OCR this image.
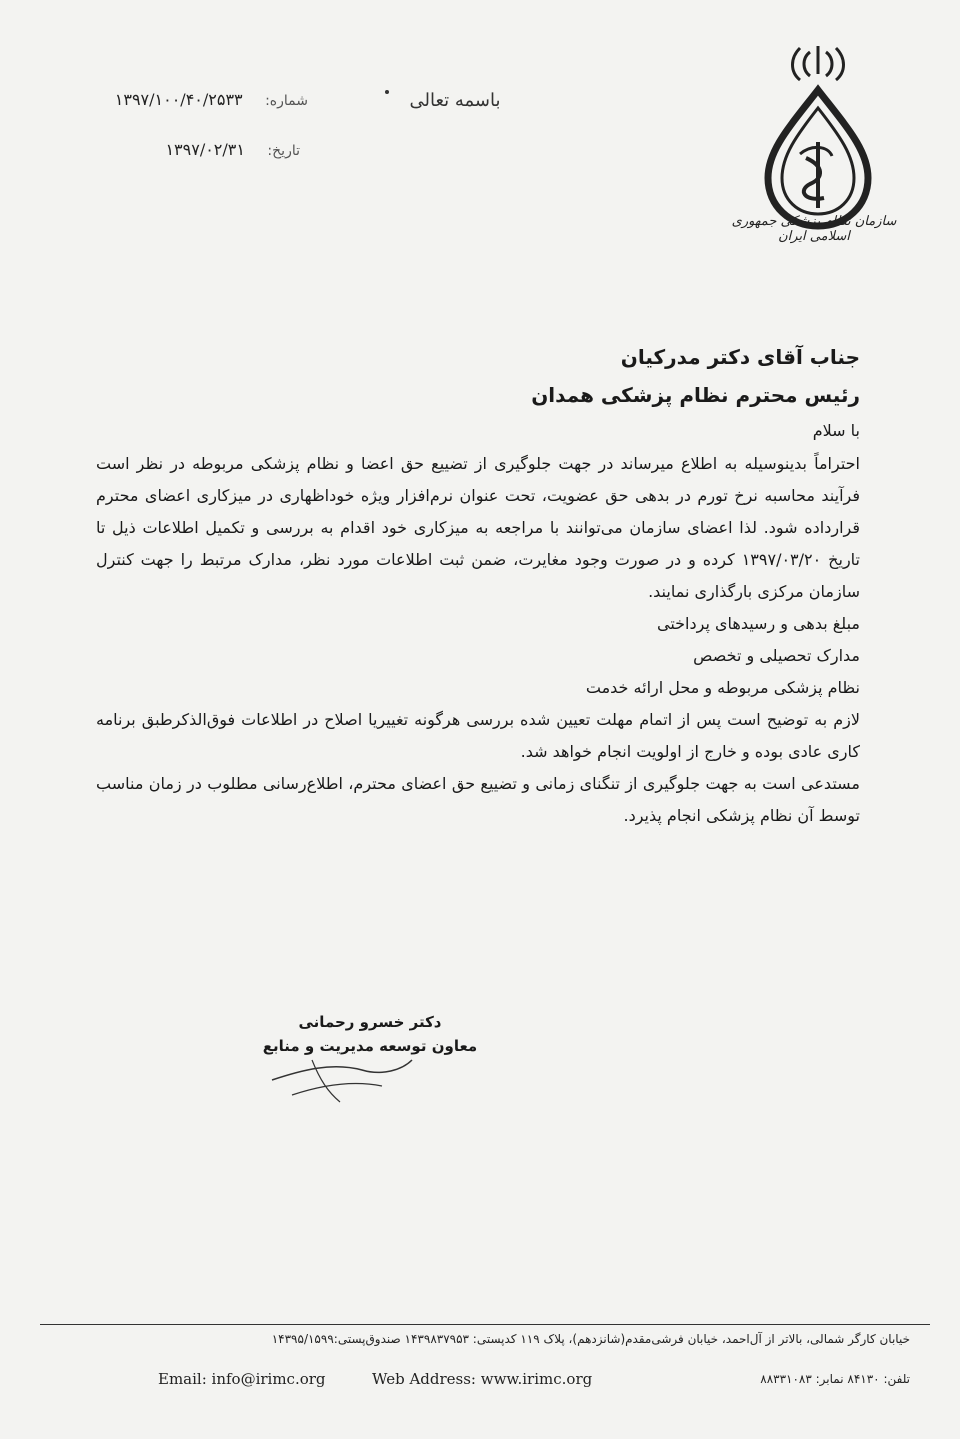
سازمان نظام پزشکی جمهوری اسلامی ایران
باسمه تعالی
شماره: ۱۳۹۷/۱۰۰/۴۰/۲۵۳۳
تاریخ: ۱۳۹۷/۰۲/۳۱

جناب آقای دکتر مدرکیان

رئیس محترم نظام پزشکی همدان

با سلام

احتراماً بدینوسیله به اطلاع میرساند در جهت جلوگیری از تضییع حق اعضا و نظام پزشکی مربوطه در نظر است فرآیند محاسبه نرخ تورم در بدهی حق عضویت، تحت عنوان نرم‌افزار ویژه خوداظهاری در میزکاری اعضای محترم قرارداده شود. لذا اعضای سازمان می‌توانند با مراجعه به میزکاری خود اقدام به بررسی و تکمیل اطلاعات ذیل تا تاریخ ۱۳۹۷/۰۳/۲۰ کرده و در صورت وجود مغایرت، ضمن ثبت اطلاعات مورد نظر، مدارک مرتبط را جهت کنترل سازمان مرکزی بارگذاری نمایند.

مبلغ بدهی و رسیدهای پرداختی

مدارک تحصیلی و تخصص

نظام پزشکی مربوطه و محل ارائه خدمت

لازم به توضیح است پس از اتمام مهلت تعیین شده بررسی هرگونه تغییریا اصلاح در اطلاعات فوق‌الذکرطبق برنامه کاری عادی بوده و خارج از اولویت انجام خواهد شد.

مستدعی است به جهت جلوگیری از تنگنای زمانی و تضییع حق اعضای محترم، اطلاع‌رسانی مطلوب در زمان مناسب توسط آن نظام پزشکی انجام پذیرد.

دکتر خسرو رحمانی

معاون توسعه مدیریت و منابع

خیابان کارگر شمالی، بالاتر از آل‌احمد، خیابان فرشی‌مقدم(شانزدهم)، پلاک ۱۱۹ کدپستی: ۱۴۳۹۸۳۷۹۵۳ صندوق‌پستی:۱۴۳۹۵/۱۵۹۹
Email: info@irimc.org	Web Address: www.irimc.org	تلفن: ۸۴۱۳۰ نمابر: ۸۸۳۳۱۰۸۳
